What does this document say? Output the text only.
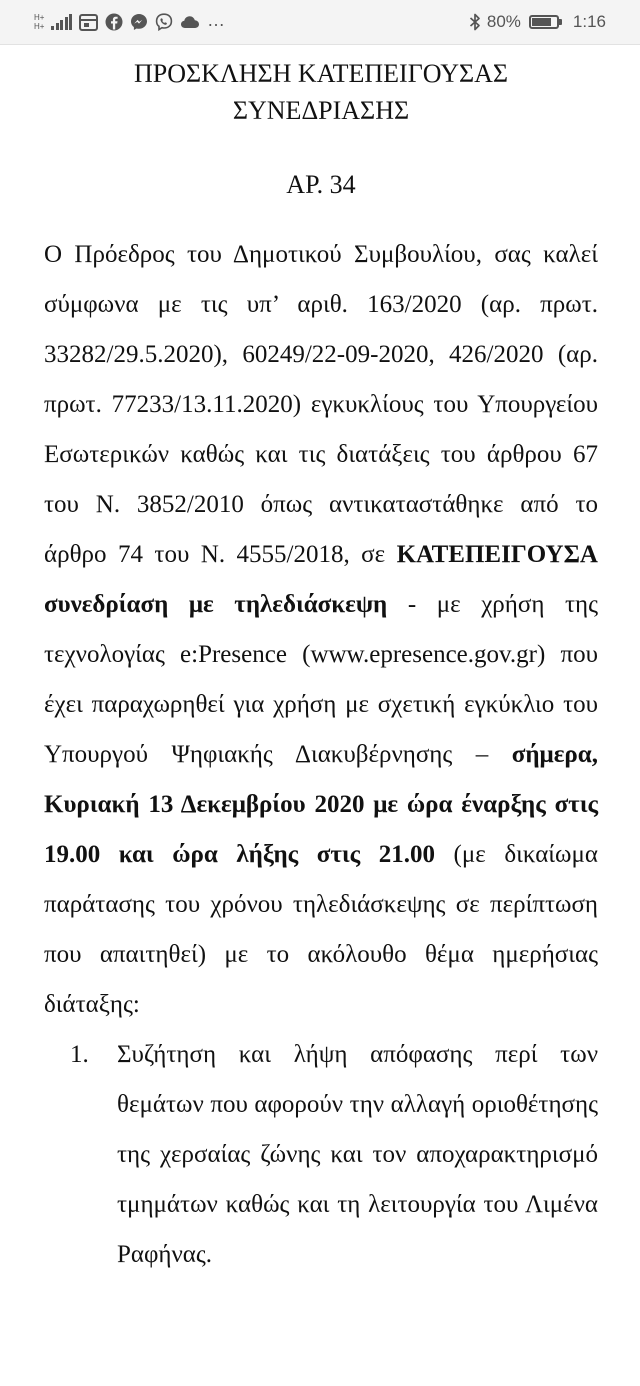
H+
H+	…	80%	1:16
ΠΡΟΣΚΛΗΣΗ ΚΑΤΕΠΕΙΓΟΥΣΑΣ ΣΥΝΕΔΡΙΑΣΗΣ
ΑΡ. 34

Ο Πρόεδρος του Δημοτικού Συμβουλίου, σας καλεί σύμφωνα με τις υπ’ αριθ. 163/2020 (αρ. πρωτ. 33282/29.5.2020), 60249/22-09-2020, 426/2020 (αρ. πρωτ. 77233/13.11.2020) εγκυκλίους του Υπουργείου Εσωτερικών καθώς και τις διατάξεις του άρθρου 67 του Ν. 3852/2010 όπως αντικαταστάθηκε από το άρθρο 74 του Ν. 4555/2018, σε ΚΑΤΕΠΕΙΓΟΥΣΑ συνεδρίαση με τηλεδιάσκεψη - με χρήση της τεχνολογίας e:Presence (www.epresence.gov.gr) που έχει παραχωρηθεί για χρήση με σχετική εγκύκλιο του Υπουργού Ψηφιακής Διακυβέρνησης – σήμερα, Κυριακή 13 Δεκεμβρίου 2020 με ώρα έναρξης στις 19.00 και ώρα λήξης στις 21.00 (με δικαίωμα παράτασης του χρόνου τηλεδιάσκεψης σε περίπτωση που απαιτηθεί) με το ακόλουθο θέμα ημερήσιας διάταξης:

1. Συζήτηση και λήψη απόφασης περί των θεμάτων που αφορούν την αλλαγή οριοθέτησης της χερσαίας ζώνης και τον αποχαρακτηρισμό τμημάτων καθώς και τη λειτουργία του Λιμένα Ραφήνας.
